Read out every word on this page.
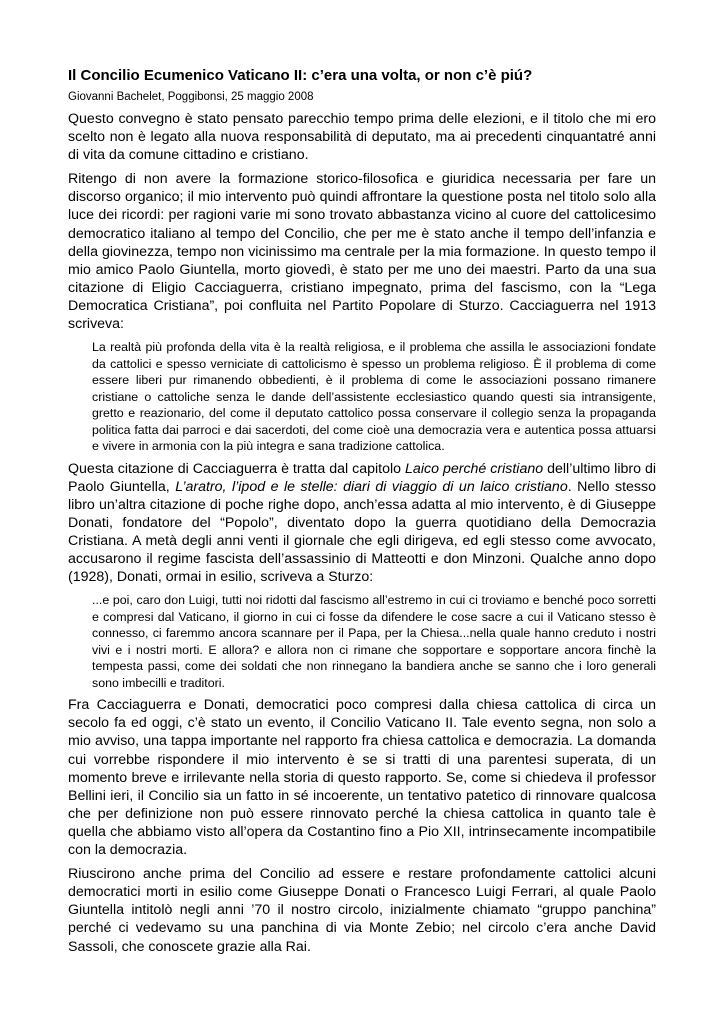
Il Concilio Ecumenico Vaticano II: c’era una volta, or non c’è piú?
Giovanni Bachelet, Poggibonsi, 25 maggio 2008

Questo convegno è stato pensato parecchio tempo prima delle elezioni, e il titolo che mi ero scelto non è legato alla nuova responsabilità di deputato, ma ai precedenti cinquantatré anni di vita da comune cittadino e cristiano.

Ritengo di non avere la formazione storico-filosofica e giuridica necessaria per fare un discorso organico; il mio intervento può quindi affrontare la questione posta nel titolo solo alla luce dei ricordi: per ragioni varie mi sono trovato abbastanza vicino al cuore del cattolicesimo democratico italiano al tempo del Concilio, che per me è stato anche il tempo dell’infanzia e della giovinezza, tempo non vicinissimo ma centrale per la mia formazione. In questo tempo il mio amico Paolo Giuntella, morto giovedì, è stato per me uno dei maestri. Parto da una sua citazione di Eligio Cacciaguerra, cristiano impegnato, prima del fascismo, con la “Lega Democratica Cristiana”, poi confluita nel Partito Popolare di Sturzo. Cacciaguerra nel 1913 scriveva:

La realtà più profonda della vita è la realtà religiosa, e il problema che assilla le associazioni fondate da cattolici e spesso verniciate di cattolicismo è spesso un problema religioso. È il problema di come essere liberi pur rimanendo obbedienti, è il problema di come le associazioni possano rimanere cristiane o cattoliche senza le dande dell’assistente ecclesiastico quando questi sia intransigente, gretto e reazionario, del come il deputato cattolico possa conservare il collegio senza la propaganda politica fatta dai parroci e dai sacerdoti, del come cioè una democrazia vera e autentica possa attuarsi e vivere in armonia con la più integra e sana tradizione cattolica.

Questa citazione di Cacciaguerra è tratta dal capitolo Laico perché cristiano dell’ultimo libro di Paolo Giuntella, L’aratro, l’ipod e le stelle: diari di viaggio di un laico cristiano. Nello stesso libro un’altra citazione di poche righe dopo, anch’essa adatta al mio intervento, è di Giuseppe Donati, fondatore del “Popolo”, diventato dopo la guerra quotidiano della Democrazia Cristiana. A metà degli anni venti il giornale che egli dirigeva, ed egli stesso come avvocato, accusarono il regime fascista dell’assassinio di Matteotti e don Minzoni. Qualche anno dopo (1928), Donati, ormai in esilio, scriveva a Sturzo:

...e poi, caro don Luigi, tutti noi ridotti dal fascismo all’estremo in cui ci troviamo e benché poco sorretti e compresi dal Vaticano, il giorno in cui ci fosse da difendere le cose sacre a cui il Vaticano stesso è connesso, ci faremmo ancora scannare per il Papa, per la Chiesa...nella quale hanno creduto i nostri vivi e i nostri morti. E allora? e allora non ci rimane che sopportare e sopportare ancora finchè la tempesta passi, come dei soldati che non rinnegano la bandiera anche se sanno che i loro generali sono imbecilli e traditori.

Fra Cacciaguerra e Donati, democratici poco compresi dalla chiesa cattolica di circa un secolo fa ed oggi, c’è stato un evento, il Concilio Vaticano II. Tale evento segna, non solo a mio avviso, una tappa importante nel rapporto fra chiesa cattolica e democrazia. La domanda cui vorrebbe rispondere il mio intervento è se si tratti di una parentesi superata, di un momento breve e irrilevante nella storia di questo rapporto. Se, come si chiedeva il professor Bellini ieri, il Concilio sia un fatto in sé incoerente, un tentativo patetico di rinnovare qualcosa che per definizione non può essere rinnovato perché la chiesa cattolica in quanto tale è quella che abbiamo visto all’opera da Costantino fino a Pio XII, intrinsecamente incompatibile con la democrazia.

Riuscirono anche prima del Concilio ad essere e restare profondamente cattolici alcuni democratici morti in esilio come Giuseppe Donati o Francesco Luigi Ferrari, al quale Paolo Giuntella intitolò negli anni ’70 il nostro circolo, inizialmente chiamato “gruppo panchina” perché ci vedevamo su una panchina di via Monte Zebio; nel circolo c’era anche David Sassoli, che conoscete grazie alla Rai.
